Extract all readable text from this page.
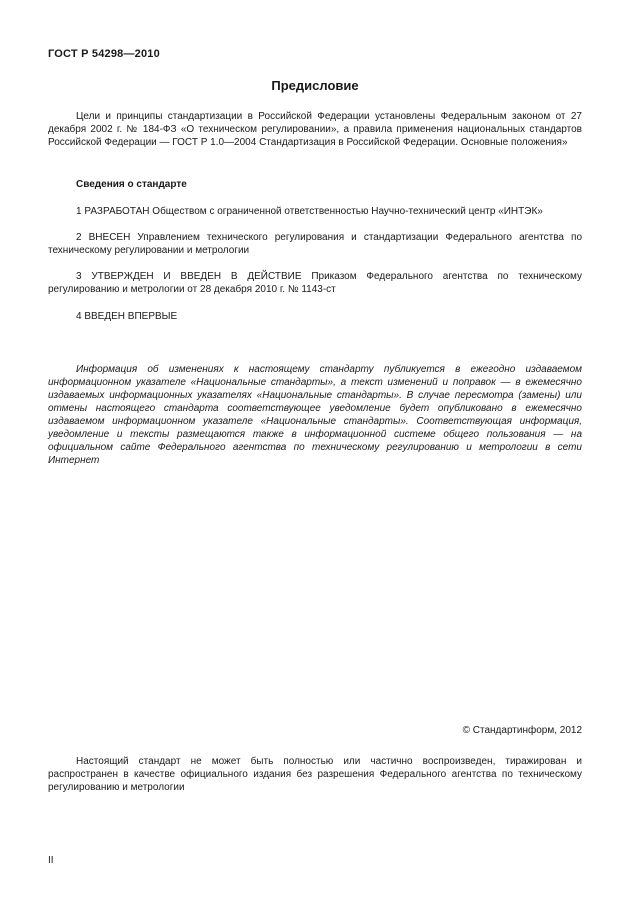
ГОСТ Р 54298—2010
Предисловие

Цели и принципы стандартизации в Российской Федерации установлены Федеральным законом от 27 декабря 2002 г. № 184-ФЗ «О техническом регулировании», а правила применения национальных стандартов Российской Федерации — ГОСТ Р 1.0—2004 Стандартизация в Российской Федерации. Основные положения»

Сведения о стандарте

1 РАЗРАБОТАН Обществом с ограниченной ответственностью Научно-технический центр «ИНТЭК»

2 ВНЕСЕН Управлением технического регулирования и стандартизации Федерального агентства по техническому регулировании и метрологии

3 УТВЕРЖДЕН И ВВЕДЕН В ДЕЙСТВИЕ Приказом Федерального агентства по техническому регулированию и метрологии от 28 декабря 2010 г. № 1143-ст

4 ВВЕДЕН ВПЕРВЫЕ

Информация об изменениях к настоящему стандарту публикуется в ежегодно издаваемом информационном указателе «Национальные стандарты», а текст изменений и поправок — в ежемесячно издаваемых информационных указателях «Национальные стандарты». В случае пересмотра (замены) или отмены настоящего стандарта соответствующее уведомление будет опубликовано в ежемесячно издаваемом информационном указателе «Национальные стандарты». Соответствующая информация, уведомление и тексты размещаются также в информационной системе общего пользования — на официальном сайте Федерального агентства по техническому регулированию и метрологии в сети Интернет

© Стандартинформ, 2012

Настоящий стандарт не может быть полностью или частично воспроизведен, тиражирован и распространен в качестве официального издания без разрешения Федерального агентства по техническому регулированию и метрологии

II
